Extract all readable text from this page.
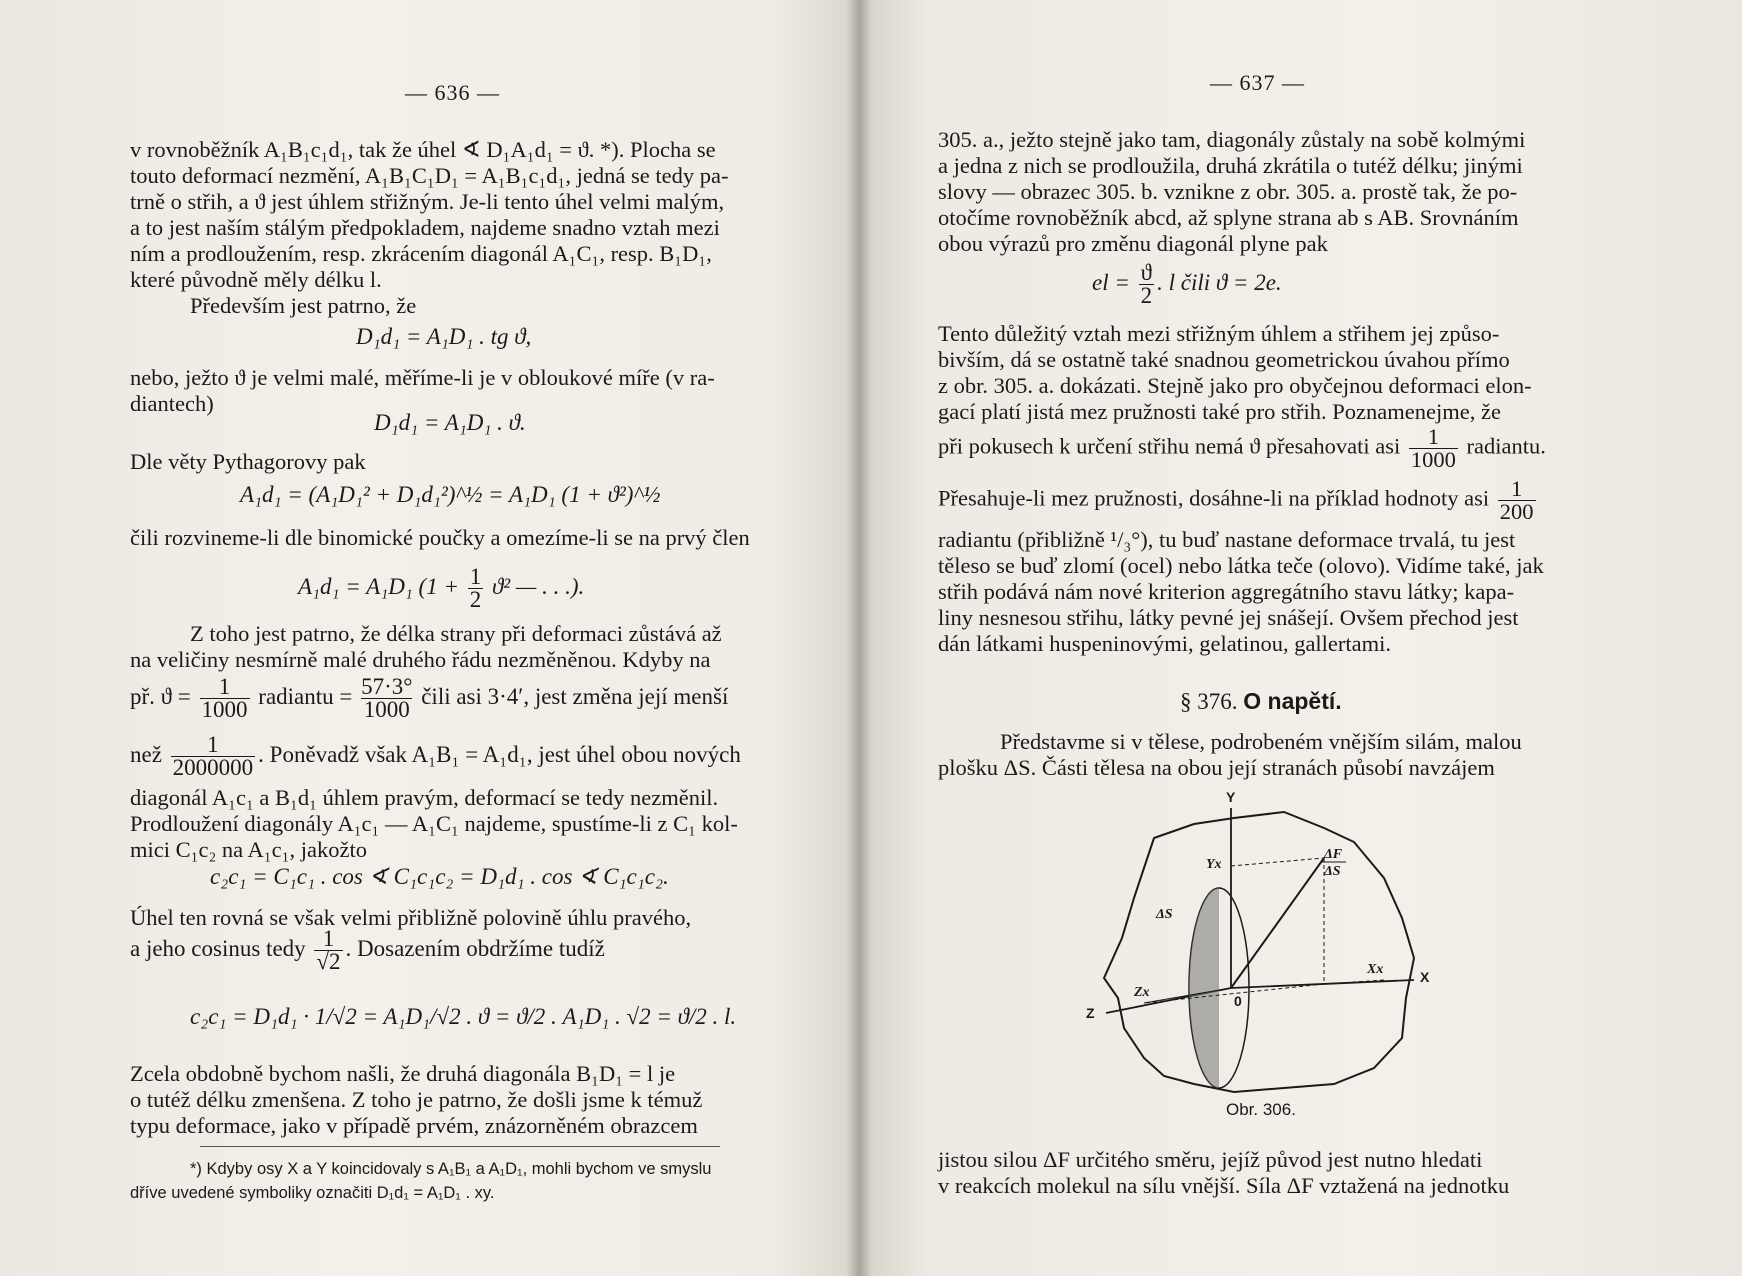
— 636 —
v rovnoběžník A₁B₁c₁d₁, tak že úhel ∢ D₁A₁d₁ = ϑ. *). Plocha se
touto deformací nezmění, A₁B₁C₁D₁ = A₁B₁c₁d₁, jedná se tedy pa-
trně o střih, a ϑ jest úhlem střižným. Je-li tento úhel velmi malým,
a to jest naším stálým předpokladem, najdeme snadno vztah mezi
ním a prodloužením, resp. zkrácením diagonál A₁C₁, resp. B₁D₁,
které původně měly délku l.
Především jest patrno, že
D₁d₁ = A₁D₁ . tg ϑ,
nebo, ježto ϑ je velmi malé, měříme-li je v obloukové míře (v ra-
diantech)
D₁d₁ = A₁D₁ . ϑ.
Dle věty Pythagorovy pak
A₁d₁ = (A₁D₁² + D₁d₁²)^½ = A₁D₁ (1 + ϑ²)^½
čili rozvineme-li dle binomické poučky a omezíme-li se na prvý člen
A₁d₁ = A₁D₁ ($1 + \frac{1}{2} ϑ^2$ — . . .).
Z toho jest patrno, že délka strany při deformaci zůstává až
na veličiny nesmírně malé druhého řádu nezměněnou. Kdyby na
př. $ϑ = \frac{1}{1000}$ radiantu = $\frac{57\cdot 3^\circ}{1000}$ čili asi 3·4′, jest změna její menší
než $\frac{1}{2000000}$ . Poněvadž však A₁B₁ = A₁d₁, jest úhel obou nových
diagonál A₁c₁ a B₁d₁ úhlem pravým, deformací se tedy nezměnil.
Prodloužení diagonály A₁c₁ — A₁C₁ najdeme, spustíme-li z C₁ kol-
mici C₁c₂ na A₁c₁, jakožto
c₂c₁ = C₁c₁ . cos ∢ C₁c₁c₂ = D₁d₁ . cos ∢ C₁c₁c₂.
Úhel ten rovná se však velmi přibližně polovině úhlu pravého,
a jeho cosinus tedy $\frac{1}{√2}$ . Dosazením obdržíme tudíž
c₂c₁ = D₁d₁ · 1/√2 = A₁D₁/√2 . ϑ = ϑ/2 . A₁D₁ . √2 = ϑ/2 . l.
Zcela obdobně bychom našli, že druhá diagonála B₁D₁ = l je
o tutéž délku zmenšena. Z toho je patrno, že došli jsme k témuž
typu deformace, jako v případě prvém, znázorněném obrazcem
*) Kdyby osy X a Y koincidovaly s A₁B₁ a A₁D₁, mohli bychom ve smyslu
dříve uvedené symboliky označiti D₁d₁ = A₁D₁ . xy.
— 637 —
305. a., ježto stejně jako tam, diagonály zůstaly na sobě kolmými
a jedna z nich se prodloužila, druhá zkrátila o tutéž délku; jinými
slovy — obrazec 305. b. vznikne z obr. 305. a. prostě tak, že po-
otočíme rovnoběžník abcd, až splyne strana ab s AB. Srovnáním
obou výrazů pro změnu diagonál plyne pak
el = $\frac{ϑ}{2}$ . l čili ϑ = 2e.
Tento důležitý vztah mezi střižným úhlem a střihem jej způso-
bivším, dá se ostatně také snadnou geometrickou úvahou přímo
z obr. 305. a. dokázati. Stejně jako pro obyčejnou deformaci elon-
gací platí jistá mez pružnosti také pro střih. Poznamenejme, že
při pokusech k určení střihu nemá ϑ přesahovati asi $\frac{1}{1000}$ radiantu.
Přesahuje-li mez pružnosti, dosáhne-li na příklad hodnoty asi $\frac{1}{200}$
radiantu (přibližně ¹/₃°), tu buď nastane deformace trvalá, tu jest
těleso se buď zlomí (ocel) nebo látka teče (olovo). Vidíme také, jak
střih podává nám nové kriterion aggregátního stavu látky; kapa-
liny nesnesou střihu, látky pevné jej snášejí. Ovšem přechod jest
dán látkami huspeninovými, gelatinou, gallertami.
§ 376. O napětí.
Představme si v tělese, podrobeném vnějším silám, malou
plošku ΔS. Části tělesa na obou její stranách působí navzájem
Obr. 306.
jistou silou ΔF určitého směru, jejíž původ jest nutno hledati
v reakcích molekul na sílu vnější. Síla ΔF vztažená na jednotku
Y
X
Z
0
Yx
Xx
Zx
ΔS
ΔF
ΔS
